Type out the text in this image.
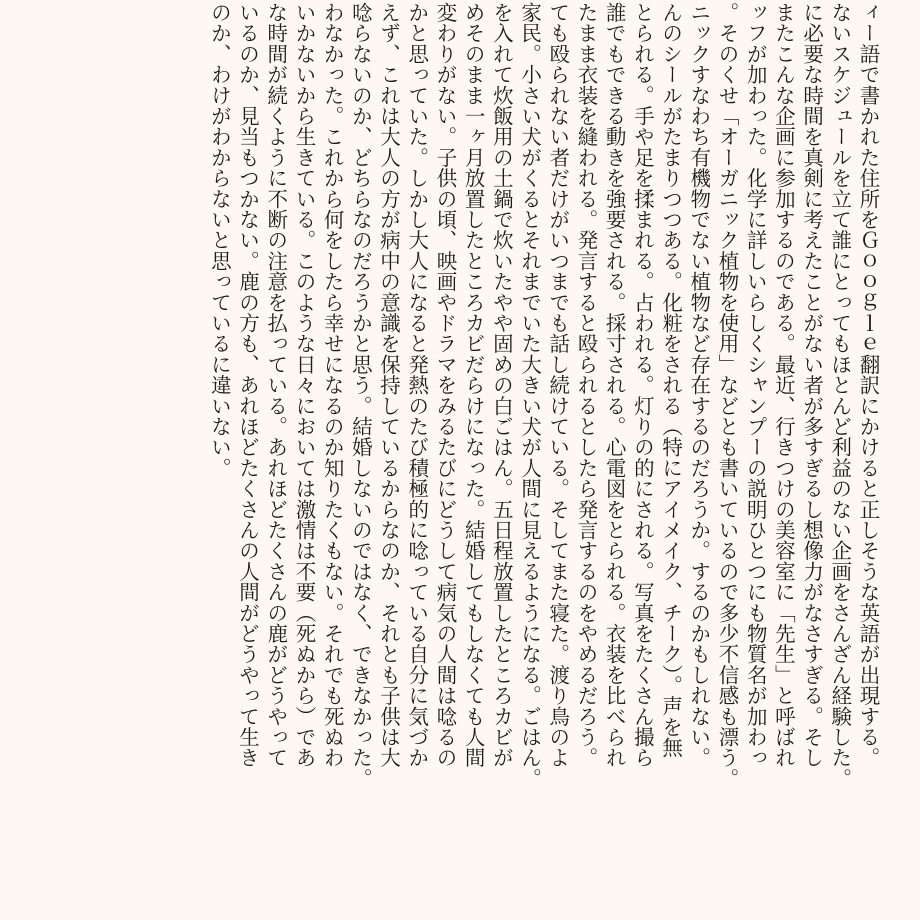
ィー語で書かれた住所をＧｏｏｇｌｅ翻訳にかけると正しそうな英語が出現する。
ないスケジュールを立て誰にとってもほとんど利益のない企画をさんざん経験した。
に必要な時間を真剣に考えたことがない者が多すぎるし想像力がなさすぎる。そし
またこんな企画に参加するのである。最近、行きつけの美容室に「先生」と呼ばれ
ッフが加わった。化学に詳しいらしくシャンプーの説明ひとつにも物質名が加わっ
。そのくせ「オーガニック植物を使用」などとも書いているので多少不信感も漂う。
ニックすなわち有機物でない植物など存在するのだろうか。するのかもしれない。
んのシールがたまりつつある。化粧をされる（特にアイメイク、チーク）。声を無
とられる。手や足を揉まれる。占われる。灯りの的にされる。写真をたくさん撮ら
誰でもできる動きを強要される。採寸される。心電図をとられる。衣装を比べられ
たまま衣装を縫われる。発言すると殴られるとしたら発言するのをやめるだろう。
ても殴られない者だけがいつまでも話し続けている。そしてまた寝た。渡り鳥のよ
家民。小さい犬がくるとそれまでいた大きい犬が人間に見えるようになる。ごはん。
を入れて炊飯用の土鍋で炊いたやや固めの白ごはん。五日程放置したところカビが
めそのまま一ヶ月放置したところカビだらけになった。結婚してもしなくても人間
変わりがない。子供の頃、映画やドラマをみるたびにどうして病気の人間は唸るの
かと思っていた。しかし大人になると発熱のたび積極的に唸っている自分に気づか
えず、これは大人の方が病中の意識を保持しているからなのか、それとも子供は大
唸らないのか、どちらなのだろうかと思う。結婚しないのではなく、できなかった。
わなかった。これから何をしたら幸せになるのか知りたくもない。それでも死ぬわ
いかないから生きている。このような日々においては激情は不要（死ぬから）であ
な時間が続くように不断の注意を払っている。あれほどたくさんの鹿がどうやって
いるのか、見当もつかない。鹿の方も、あれほどたくさんの人間がどうやって生き
のか、わけがわからないと思っているに違いない。
